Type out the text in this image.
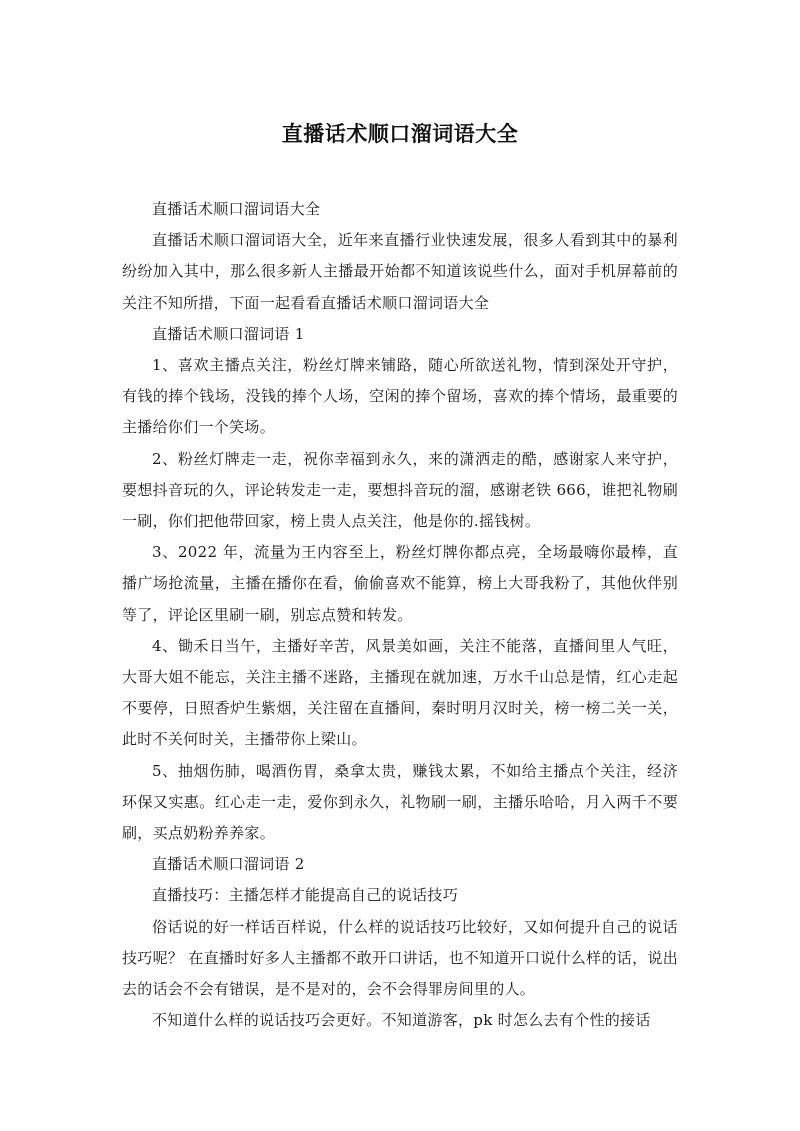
直播话术顺口溜词语大全

直播话术顺口溜词语大全

直播话术顺口溜词语大全，近年来直播行业快速发展，很多人看到其中的暴利纷纷加入其中，那么很多新人主播最开始都不知道该说些什么，面对手机屏幕前的关注不知所措，下面一起看看直播话术顺口溜词语大全

直播话术顺口溜词语 1

1、喜欢主播点关注，粉丝灯牌来铺路，随心所欲送礼物，情到深处开守护，有钱的捧个钱场，没钱的捧个人场，空闲的捧个留场，喜欢的捧个情场，最重要的主播给你们一个笑场。

2、粉丝灯牌走一走，祝你幸福到永久，来的潇洒走的酷，感谢家人来守护，要想抖音玩的久，评论转发走一走，要想抖音玩的溜，感谢老铁 666，谁把礼物刷一刷，你们把他带回家，榜上贵人点关注，他是你的.摇钱树。

3、2022 年，流量为王内容至上，粉丝灯牌你都点亮，全场最嗨你最棒，直播广场抢流量，主播在播你在看，偷偷喜欢不能算，榜上大哥我粉了，其他伙伴别等了，评论区里刷一刷，别忘点赞和转发。

4、锄禾日当午，主播好辛苦，风景美如画，关注不能落，直播间里人气旺，大哥大姐不能忘，关注主播不迷路，主播现在就加速，万水千山总是情，红心走起不要停，日照香炉生紫烟，关注留在直播间，秦时明月汉时关，榜一榜二关一关，此时不关何时关，主播带你上梁山。

5、抽烟伤肺，喝酒伤胃，桑拿太贵，赚钱太累，不如给主播点个关注，经济环保又实惠。红心走一走，爱你到永久，礼物刷一刷，主播乐哈哈，月入两千不要刷，买点奶粉养养家。

直播话术顺口溜词语 2

直播技巧：主播怎样才能提高自己的说话技巧

俗话说的好一样话百样说，什么样的说话技巧比较好，又如何提升自己的说话技巧呢？ 在直播时好多人主播都不敢开口讲话，也不知道开口说什么样的话，说出去的话会不会有错误，是不是对的，会不会得罪房间里的人。

不知道什么样的说话技巧会更好。不知道游客，pk 时怎么去有个性的接话
